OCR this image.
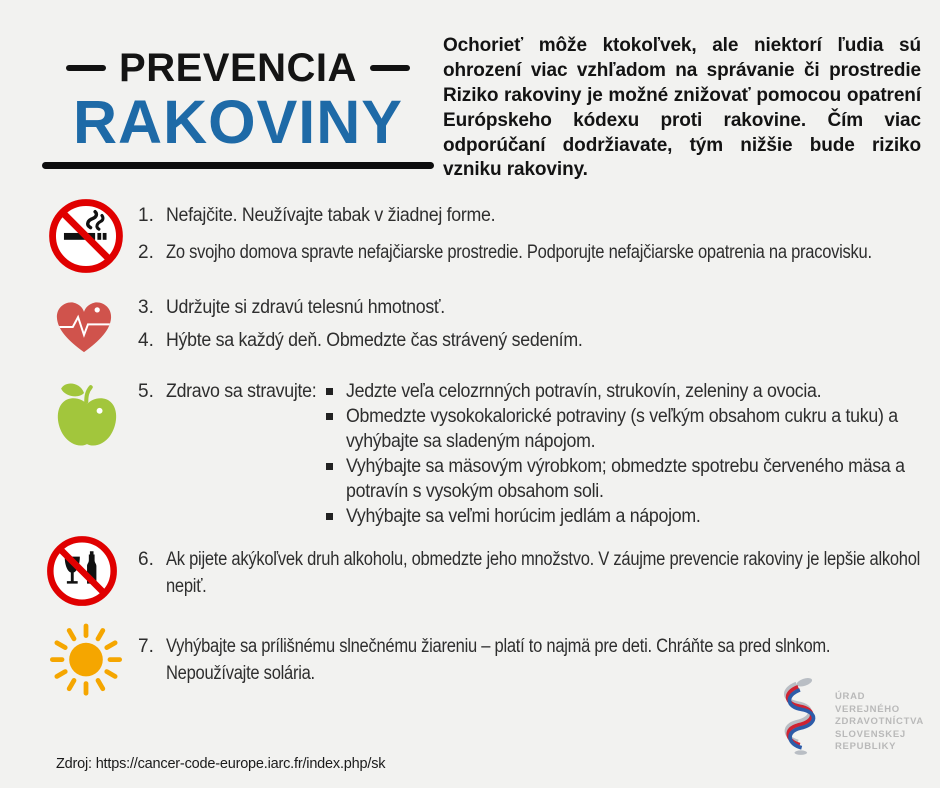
PREVENCIA
RAKOVINY

Ochorieť môže ktokoľvek, ale niektorí ľudia sú ohrození viac vzhľadom na správanie či prostredie Riziko rakoviny je možné znižovať pomocou opatrení Európskeho kódexu proti rakovine. Čím viac odporúčaní dodržiavate, tým nižšie bude riziko vzniku rakoviny.

1. Nefajčite. Neužívajte tabak v žiadnej forme.
2. Zo svojho domova spravte nefajčiarske prostredie. Podporujte nefajčiarske opatrenia na pracovisku.
3. Udržujte si zdravú telesnú hmotnosť.
4. Hýbte sa každý deň. Obmedzte čas strávený sedením.
5. Zdravo sa stravujte:	Jedzte veľa celozrnných potravín, strukovín, zeleniny a ovocia.
Obmedzte vysokokalorické potraviny (s veľkým obsahom cukru a tuku) a vyhýbajte sa sladeným nápojom.
Vyhýbajte sa mäsovým výrobkom; obmedzte spotrebu červeného mäsa a potravín s vysokým obsahom soli.
Vyhýbajte sa veľmi horúcim jedlám a nápojom.
6. Ak pijete akýkoľvek druh alkoholu, obmedzte jeho množstvo. V záujme prevencie rakoviny je lepšie alkohol nepiť.
7. Vyhýbajte sa prílišnému slnečnému žiareniu – platí to najmä pre deti. Chráňte sa pred slnkom. Nepoužívajte solária.
ÚRAD
VEREJNÉHO
ZDRAVOTNÍCTVA
SLOVENSKEJ
REPUBLIKY
Zdroj: https://cancer-code-europe.iarc.fr/index.php/sk
